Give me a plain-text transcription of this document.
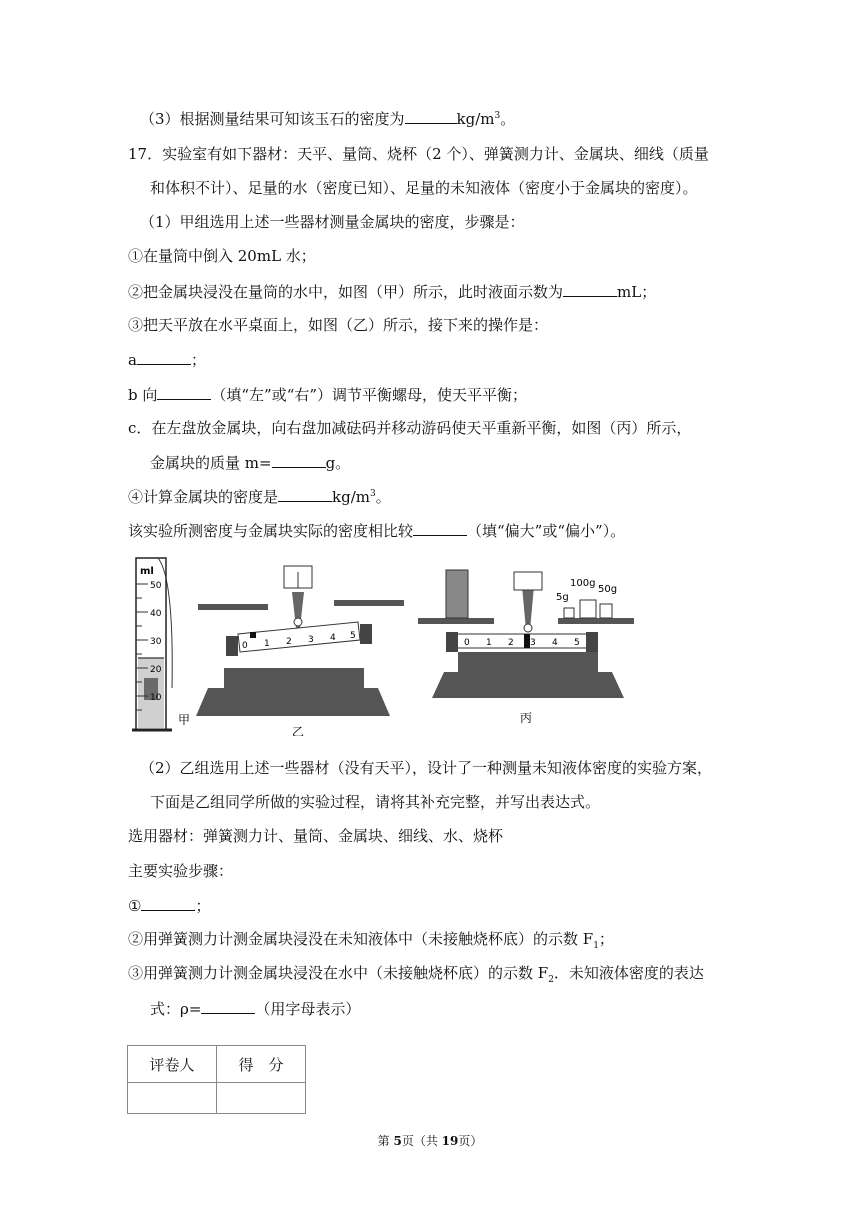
（3）根据测量结果可知该玉石的密度为	$kg/m^3$。
17．实验室有如下器材：天平、量筒、烧杯（2 个）、弹簧测力计、金属块、细线（质量
和体积不计）、足量的水（密度已知）、足量的未知液体（密度小于金属块的密度）。
（1）甲组选用上述一些器材测量金属块的密度，步骤是：
①在量筒中倒入 20mL 水；
②把金属块浸没在量筒的水中，如图（甲）所示，此时液面示数为	mL；
③把天平放在水平桌面上，如图（乙）所示，接下来的操作是：
a	；
b 向	（填“左”或“右”）调节平衡螺母，使天平平衡；
c．在左盘放金属块，向右盘加减砝码并移动游码使天平重新平衡，如图（丙）所示，
金属块的质量 m=	g。
④计算金属块的密度是	$kg/m^3$。
该实验所测密度与金属块实际的密度相比较	（填“偏大”或“偏小”）。
ml
50
40
30
20
10
甲
0 1 2 3 4 5
乙
0 1 2 3 4 5
100g
50g
5g
丙
（2）乙组选用上述一些器材（没有天平），设计了一种测量未知液体密度的实验方案，
下面是乙组同学所做的实验过程，请将其补充完整，并写出表达式。
选用器材：弹簧测力计、量筒、金属块、细线、水、烧杯
主要实验步骤：
①	；
②用弹簧测力计测金属块浸没在未知液体中（未接触烧杯底）的示数 $F_1$；
③用弹簧测力计测金属块浸没在水中（未接触烧杯底）的示数 $F_2$．未知液体密度的表达
式：ρ=	（用字母表示）
评卷人	得　分

第 5页（共 19页）
